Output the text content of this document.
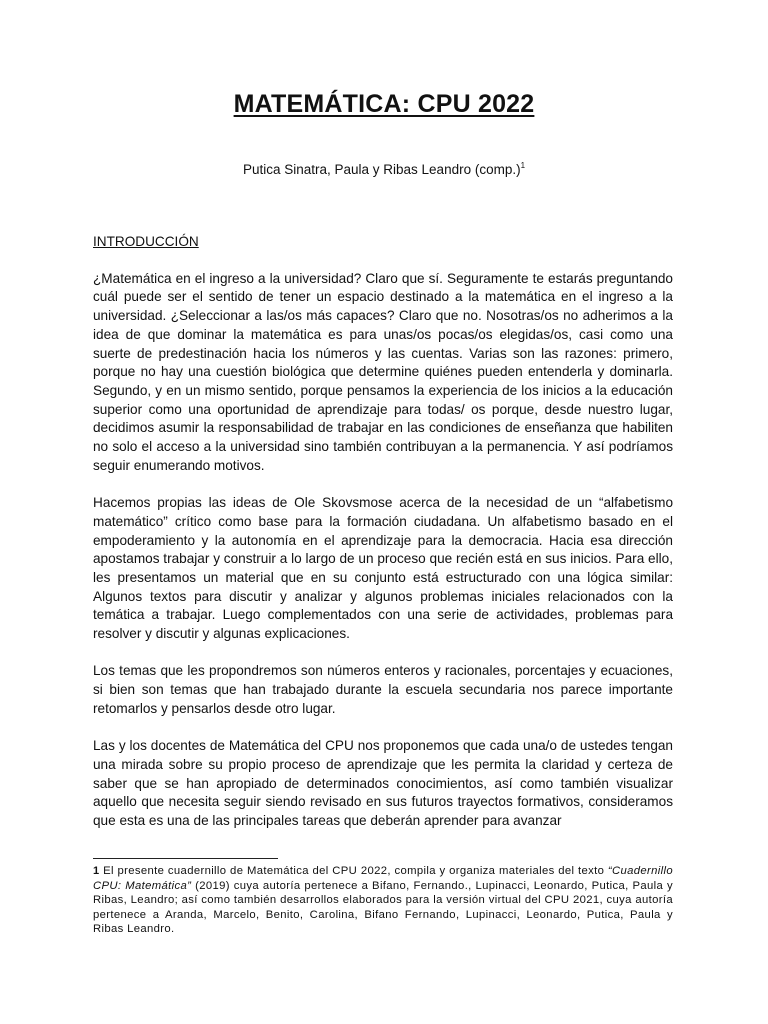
MATEMÁTICA: CPU 2022
Putica Sinatra, Paula y Ribas Leandro (comp.)$^1$
INTRODUCCIÓN

¿Matemática en el ingreso a la universidad? Claro que sí. Seguramente te estarás preguntando cuál puede ser el sentido de tener un espacio destinado a la matemática en el ingreso a la universidad. ¿Seleccionar a las/os más capaces? Claro que no. Nosotras/os no adherimos a la idea de que dominar la matemática es para unas/os pocas/os elegidas/os, casi como una suerte de predestinación hacia los números y las cuentas. Varias son las razones: primero, porque no hay una cuestión biológica que determine quiénes pueden entenderla y dominarla. Segundo, y en un mismo sentido, porque pensamos la experiencia de los inicios a la educación superior como una oportunidad de aprendizaje para todas/ os porque, desde nuestro lugar, decidimos asumir la responsabilidad de trabajar en las condiciones de enseñanza que habiliten no solo el acceso a la universidad sino también contribuyan a la permanencia. Y así podríamos seguir enumerando motivos.

Hacemos propias las ideas de Ole Skovsmose acerca de la necesidad de un “alfabetismo matemático” crítico como base para la formación ciudadana. Un alfabetismo basado en el empoderamiento y la autonomía en el aprendizaje para la democracia. Hacia esa dirección apostamos trabajar y construir a lo largo de un proceso que recién está en sus inicios. Para ello, les presentamos un material que en su conjunto está estructurado con una lógica similar: Algunos textos para discutir y analizar y algunos problemas iniciales relacionados con la temática a trabajar. Luego complementados con una serie de actividades, problemas para resolver y discutir y algunas explicaciones.

Los temas que les propondremos son números enteros y racionales, porcentajes y ecuaciones, si bien son temas que han trabajado durante la escuela secundaria nos parece importante retomarlos y pensarlos desde otro lugar.

Las y los docentes de Matemática del CPU nos proponemos que cada una/o de ustedes tengan una mirada sobre su propio proceso de aprendizaje que les permita la claridad y certeza de saber que se han apropiado de determinados conocimientos, así como también visualizar aquello que necesita seguir siendo revisado en sus futuros trayectos formativos, consideramos que esta es una de las principales tareas que deberán aprender para avanzar

1 El presente cuadernillo de Matemática del CPU 2022, compila y organiza materiales del texto “Cuadernillo CPU: Matemática” (2019) cuya autoría pertenece a Bifano, Fernando., Lupinacci, Leonardo, Putica, Paula y Ribas, Leandro; así como también desarrollos elaborados para la versión virtual del CPU 2021, cuya autoría pertenece a Aranda, Marcelo, Benito, Carolina, Bifano Fernando, Lupinacci, Leonardo, Putica, Paula y Ribas Leandro.
